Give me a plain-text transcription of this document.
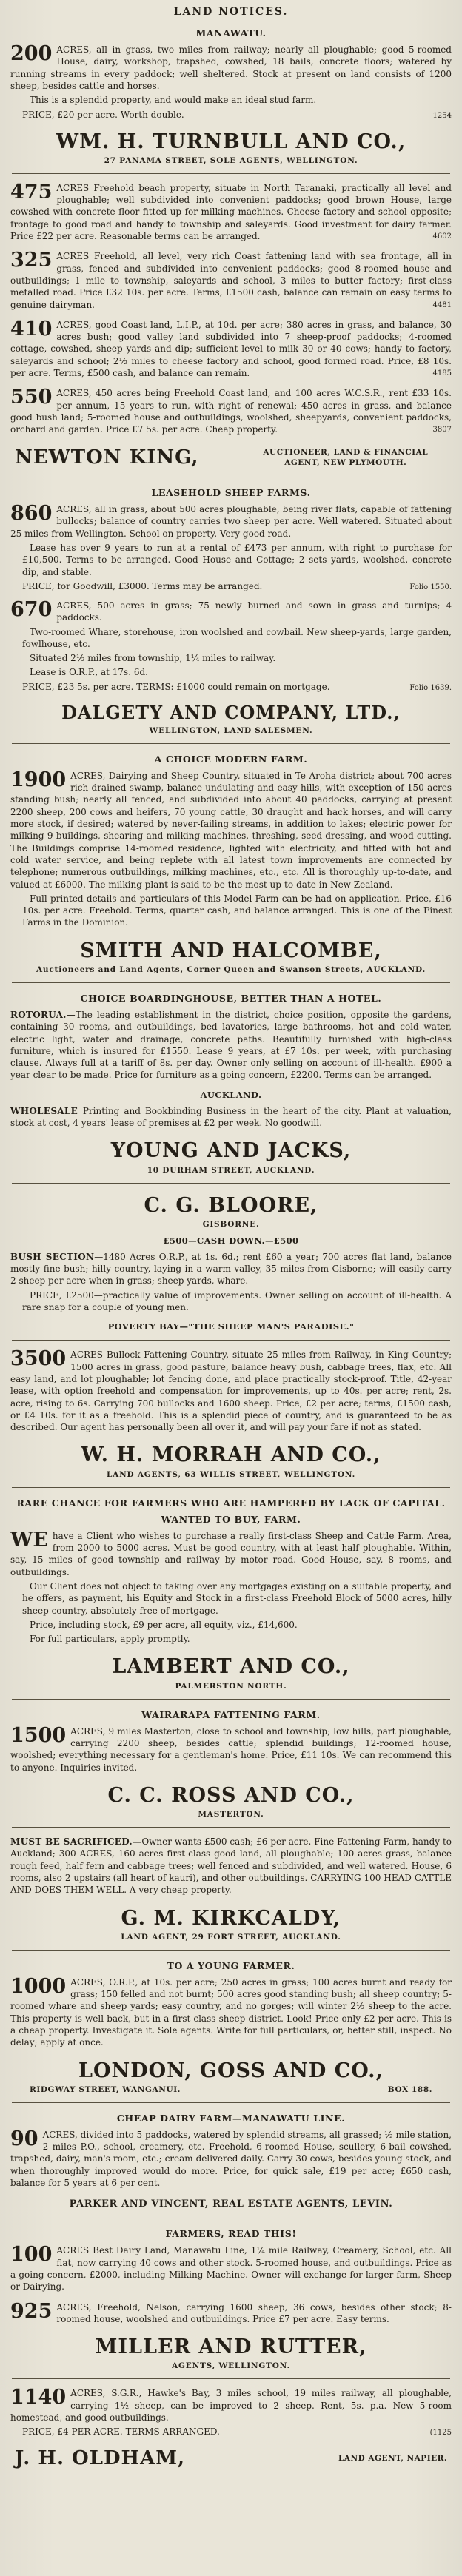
LAND NOTICES.
MANAWATU.

200 ACRES, all in grass, two miles from railway; nearly all ploughable; good 5-roomed House, dairy, workshop, trapshed, cowshed, 18 bails, concrete floors; watered by running streams in every paddock; well sheltered. Stock at present on land consists of 1200 sheep, besides cattle and horses.

This is a splendid property, and would make an ideal stud farm.

PRICE, £20 per acre. Worth double.	1254
WM. H. TURNBULL AND CO.,
27 PANAMA STREET, SOLE AGENTS, WELLINGTON.

475 ACRES Freehold beach property, situate in North Taranaki, practically all level and ploughable; well subdivided into convenient paddocks; good brown House, large cowshed with concrete floor fitted up for milking machines. Cheese factory and school opposite; frontage to good road and handy to township and saleyards. Good investment for dairy farmer. Price £22 per acre. Reasonable terms can be arranged.	4602

325 ACRES Freehold, all level, very rich Coast fattening land with sea frontage, all in grass, fenced and subdivided into convenient paddocks; good 8-roomed house and outbuildings; 1 mile to township, saleyards and school, 3 miles to butter factory; first-class metalled road. Price £32 10s. per acre. Terms, £1500 cash, balance can remain on easy terms to genuine dairyman.	4481

410 ACRES, good Coast land, L.I.P., at 10d. per acre; 380 acres in grass, and balance, 30 acres bush; good valley land subdivided into 7 sheep-proof paddocks; 4-roomed cottage, cowshed, sheep yards and dip; sufficient level to milk 30 or 40 cows; handy to factory, saleyards and school; 2½ miles to cheese factory and school, good formed road. Price, £8 10s. per acre. Terms, £500 cash, and balance can remain.	4185

550 ACRES, 450 acres being Freehold Coast land, and 100 acres W.C.S.R., rent £33 10s. per annum, 15 years to run, with right of renewal; 450 acres in grass, and balance good bush land; 5-roomed house and outbuildings, woolshed, sheepyards, convenient paddocks, orchard and garden. Price £7 5s. per acre. Cheap property.	3807

NEWTON KING,	AUCTIONEER, LAND & FINANCIAL AGENT, NEW PLYMOUTH.
LEASEHOLD SHEEP FARMS.

860 ACRES, all in grass, about 500 acres ploughable, being river flats, capable of fattening bullocks; balance of country carries two sheep per acre. Well watered. Situated about 25 miles from Wellington. School on property. Very good road.

Lease has over 9 years to run at a rental of £473 per annum, with right to purchase for £10,500. Terms to be arranged. Good House and Cottage; 2 sets yards, woolshed, concrete dip, and stable.

PRICE, for Goodwill, £3000. Terms may be arranged.	Folio 1550.

670 ACRES, 500 acres in grass; 75 newly burned and sown in grass and turnips; 4 paddocks.

Two-roomed Whare, storehouse, iron woolshed and cowbail. New sheep-yards, large garden, fowlhouse, etc.

Situated 2½ miles from township, 1¼ miles to railway.

Lease is O.R.P., at 17s. 6d.

PRICE, £23 5s. per acre. TERMS: £1000 could remain on mortgage.	Folio 1639.
DALGETY AND COMPANY, LTD.,
WELLINGTON, LAND SALESMEN.
A CHOICE MODERN FARM.

1900 ACRES, Dairying and Sheep Country, situated in Te Aroha district; about 700 acres rich drained swamp, balance undulating and easy hills, with exception of 150 acres standing bush; nearly all fenced, and subdivided into about 40 paddocks, carrying at present 2200 sheep, 200 cows and heifers, 70 young cattle, 30 draught and hack horses, and will carry more stock, if desired; watered by never-failing streams, in addition to lakes; electric power for milking 9 buildings, shearing and milking machines, threshing, seed-dressing, and wood-cutting. The Buildings comprise 14-roomed residence, lighted with electricity, and fitted with hot and cold water service, and being replete with all latest town improvements are connected by telephone; numerous outbuildings, milking machines, etc., etc. All is thoroughly up-to-date, and valued at £6000. The milking plant is said to be the most up-to-date in New Zealand.

Full printed details and particulars of this Model Farm can be had on application. Price, £16 10s. per acre. Freehold. Terms, quarter cash, and balance arranged. This is one of the Finest Farms in the Dominion.

SMITH AND HALCOMBE,
Auctioneers and Land Agents, Corner Queen and Swanson Streets, AUCKLAND.
CHOICE BOARDINGHOUSE, BETTER THAN A HOTEL.

ROTORUA.—The leading establishment in the district, choice position, opposite the gardens, containing 30 rooms, and outbuildings, bed lavatories, large bathrooms, hot and cold water, electric light, water and drainage, concrete paths. Beautifully furnished with high-class furniture, which is insured for £1550. Lease 9 years, at £7 10s. per week, with purchasing clause. Always full at a tariff of 8s. per day. Owner only selling on account of ill-health. £900 a year clear to be made. Price for furniture as a going concern, £2200. Terms can be arranged.

AUCKLAND.

WHOLESALE Printing and Bookbinding Business in the heart of the city. Plant at valuation, stock at cost, 4 years' lease of premises at £2 per week. No goodwill.

YOUNG AND JACKS,
10 DURHAM STREET, AUCKLAND.
C. G. BLOORE,
GISBORNE.
£500—CASH DOWN.—£500

BUSH SECTION—1480 Acres O.R.P., at 1s. 6d.; rent £60 a year; 700 acres flat land, balance mostly fine bush; hilly country, laying in a warm valley, 35 miles from Gisborne; will easily carry 2 sheep per acre when in grass; sheep yards, whare.

PRICE, £2500—practically value of improvements. Owner selling on account of ill-health. A rare snap for a couple of young men.

POVERTY BAY—"THE SHEEP MAN'S PARADISE."

3500 ACRES Bullock Fattening Country, situate 25 miles from Railway, in King Country; 1500 acres in grass, good pasture, balance heavy bush, cabbage trees, flax, etc. All easy land, and lot ploughable; lot fencing done, and place practically stock-proof. Title, 42-year lease, with option freehold and compensation for improvements, up to 40s. per acre; rent, 2s. acre, rising to 6s. Carrying 700 bullocks and 1600 sheep. Price, £2 per acre; terms, £1500 cash, or £4 10s. for it as a freehold. This is a splendid piece of country, and is guaranteed to be as described. Our agent has personally been all over it, and will pay your fare if not as stated.

W. H. MORRAH AND CO.,
LAND AGENTS, 63 WILLIS STREET, WELLINGTON.
RARE CHANCE FOR FARMERS WHO ARE HAMPERED BY LACK OF CAPITAL.
WANTED TO BUY, FARM.

WE have a Client who wishes to purchase a really first-class Sheep and Cattle Farm. Area, from 2000 to 5000 acres. Must be good country, with at least half ploughable. Within, say, 15 miles of good township and railway by motor road. Good House, say, 8 rooms, and outbuildings.

Our Client does not object to taking over any mortgages existing on a suitable property, and he offers, as payment, his Equity and Stock in a first-class Freehold Block of 5000 acres, hilly sheep country, absolutely free of mortgage.

Price, including stock, £9 per acre, all equity, viz., £14,600.

For full particulars, apply promptly.

LAMBERT AND CO.,
PALMERSTON NORTH.
WAIRARAPA FATTENING FARM.

1500 ACRES, 9 miles Masterton, close to school and township; low hills, part ploughable, carrying 2200 sheep, besides cattle; splendid buildings; 12-roomed house, woolshed; everything necessary for a gentleman's home. Price, £11 10s. We can recommend this to anyone. Inquiries invited.

C. C. ROSS AND CO.,
MASTERTON.

MUST BE SACRIFICED.—Owner wants £500 cash; £6 per acre. Fine Fattening Farm, handy to Auckland; 300 ACRES, 160 acres first-class good land, all ploughable; 100 acres grass, balance rough feed, half fern and cabbage trees; well fenced and subdivided, and well watered. House, 6 rooms, also 2 upstairs (all heart of kauri), and other outbuildings. CARRYING 100 HEAD CATTLE AND DOES THEM WELL. A very cheap property.

G. M. KIRKCALDY,
LAND AGENT, 29 FORT STREET, AUCKLAND.
TO A YOUNG FARMER.

1000 ACRES, O.R.P., at 10s. per acre; 250 acres in grass; 100 acres burnt and ready for grass; 150 felled and not burnt; 500 acres good standing bush; all sheep country; 5-roomed whare and sheep yards; easy country, and no gorges; will winter 2½ sheep to the acre. This property is well back, but in a first-class sheep district. Look! Price only £2 per acre. This is a cheap property. Investigate it. Sole agents. Write for full particulars, or, better still, inspect. No delay; apply at once.

LONDON, GOSS AND CO.,
RIDGWAY STREET, WANGANUI.	BOX 188.
CHEAP DAIRY FARM—MANAWATU LINE.

90 ACRES, divided into 5 paddocks, watered by splendid streams, all grassed; ½ mile station, 2 miles P.O., school, creamery, etc. Freehold, 6-roomed House, scullery, 6-bail cowshed, trapshed, dairy, man's room, etc.; cream delivered daily. Carry 30 cows, besides young stock, and when thoroughly improved would do more. Price, for quick sale, £19 per acre; £650 cash, balance for 5 years at 6 per cent.

PARKER AND VINCENT, REAL ESTATE AGENTS, LEVIN.
FARMERS, READ THIS!

100 ACRES Best Dairy Land, Manawatu Line, 1¼ mile Railway, Creamery, School, etc. All flat, now carrying 40 cows and other stock. 5-roomed house, and outbuildings. Price as a going concern, £2000, including Milking Machine. Owner will exchange for larger farm, Sheep or Dairying.

925 ACRES, Freehold, Nelson, carrying 1600 sheep, 36 cows, besides other stock; 8-roomed house, woolshed and outbuildings. Price £7 per acre. Easy terms.

MILLER AND RUTTER,
AGENTS, WELLINGTON.

1140 ACRES, S.G.R., Hawke's Bay, 3 miles school, 19 miles railway, all ploughable, carrying 1½ sheep, can be improved to 2 sheep. Rent, 5s. p.a. New 5-room homestead, and good outbuildings.

PRICE, £4 PER ACRE. TERMS ARRANGED.	(1125
J. H. OLDHAM,	LAND AGENT, NAPIER.
